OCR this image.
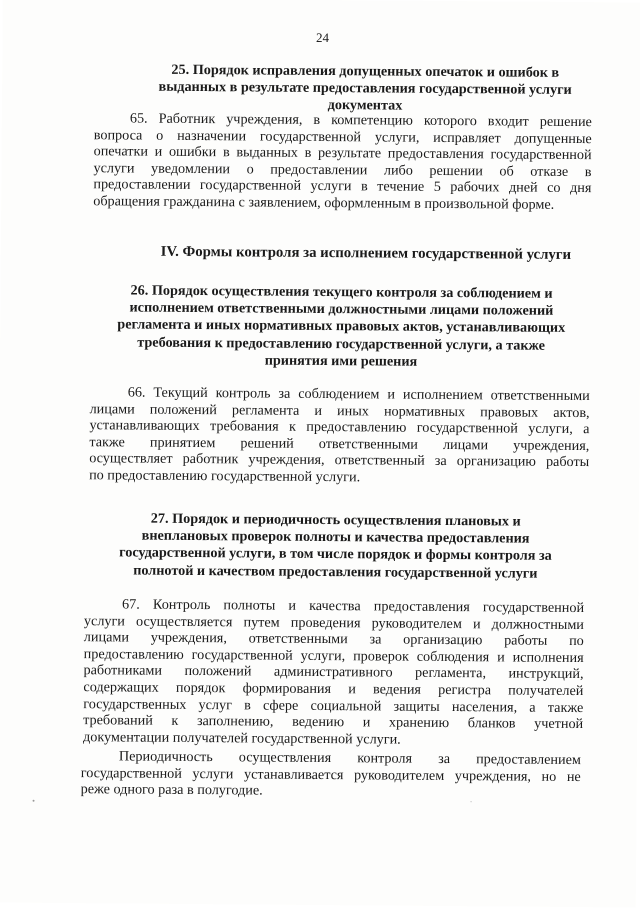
24
25. Порядок исправления допущенных опечаток и ошибок в
выданных в результате предоставления государственной услуги
документах
65. Работник учреждения, в компетенцию которого входит решение
вопроса о назначении государственной услуги, исправляет допущенные
опечатки и ошибки в выданных в результате предоставления государственной
услуги уведомлении о предоставлении либо решении об отказе в
предоставлении государственной услуги в течение 5 рабочих дней со дня
обращения гражданина с заявлением, оформленным в произвольной форме.
IV. Формы контроля за исполнением государственной услуги
26. Порядок осуществления текущего контроля за соблюдением и
исполнением ответственными должностными лицами положений
регламента и иных нормативных правовых актов, устанавливающих
требования к предоставлению государственной услуги, а также
принятия ими решения
66. Текущий контроль за соблюдением и исполнением ответственными
лицами положений регламента и иных нормативных правовых актов,
устанавливающих требования к предоставлению государственной услуги, а
также принятием решений ответственными лицами учреждения,
осуществляет работник учреждения, ответственный за организацию работы
по предоставлению государственной услуги.
27. Порядок и периодичность осуществления плановых и
внеплановых проверок полноты и качества предоставления
государственной услуги, в том числе порядок и формы контроля за
полнотой и качеством предоставления государственной услуги
67. Контроль полноты и качества предоставления государственной
услуги осуществляется путем проведения руководителем и должностными
лицами учреждения, ответственными за организацию работы по
предоставлению государственной услуги, проверок соблюдения и исполнения
работниками положений административного регламента, инструкций,
содержащих порядок формирования и ведения регистра получателей
государственных услуг в сфере социальной защиты населения, а также
требований к заполнению, ведению и хранению бланков учетной
документации получателей государственной услуги.
Периодичность осуществления контроля за предоставлением
государственной услуги устанавливается руководителем учреждения, но не
реже одного раза в полугодие.
